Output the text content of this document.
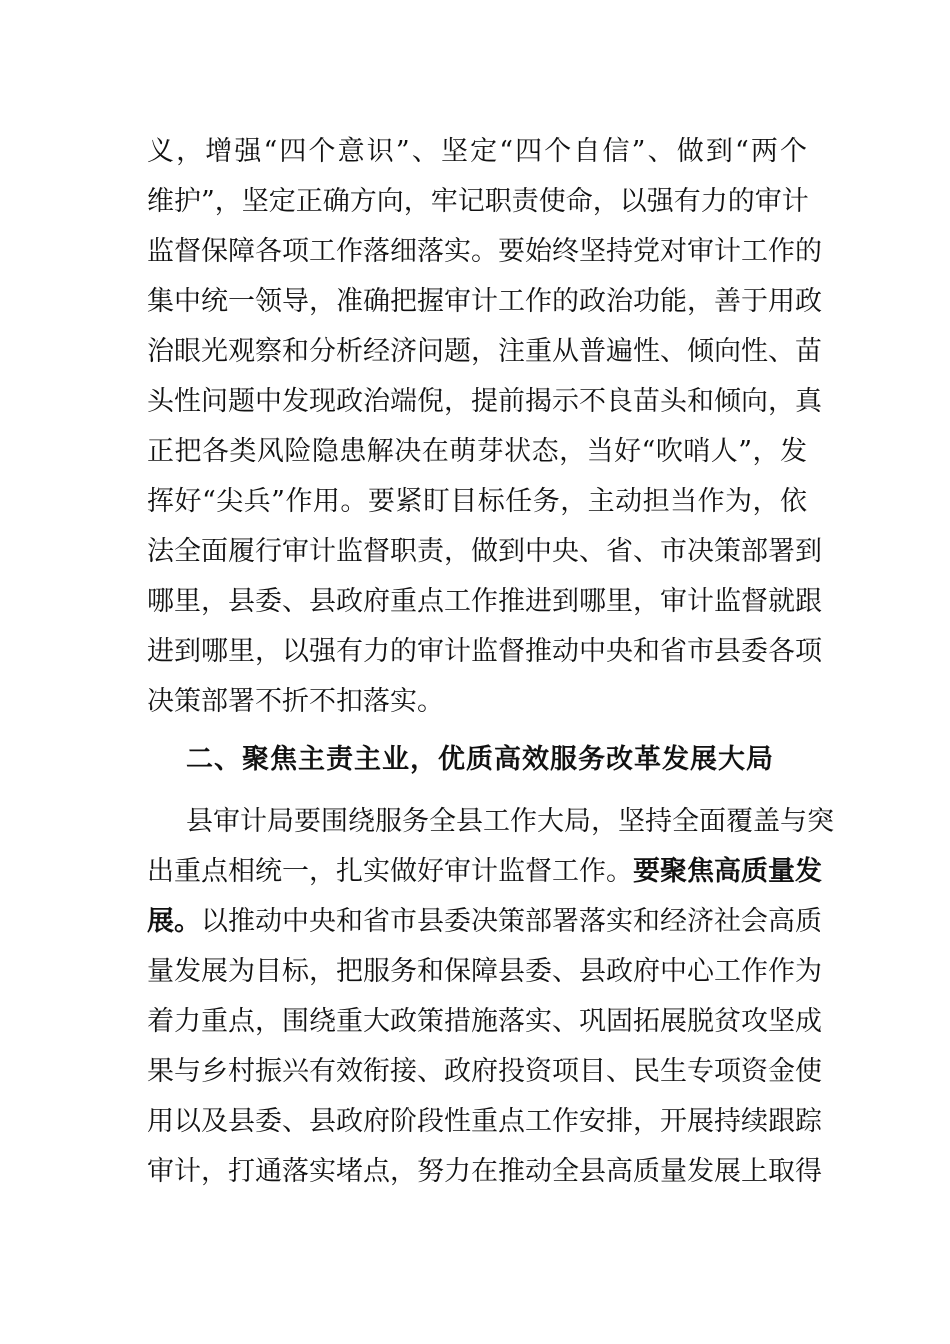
义，增强“四个意识”、坚定“四个自信”、做到“两个
维护”，坚定正确方向，牢记职责使命，以强有力的审计
监督保障各项工作落细落实。要始终坚持党对审计工作的
集中统一领导，准确把握审计工作的政治功能，善于用政
治眼光观察和分析经济问题，注重从普遍性、倾向性、苗
头性问题中发现政治端倪，提前揭示不良苗头和倾向，真
正把各类风险隐患解决在萌芽状态，当好“吹哨人”，发
挥好“尖兵”作用。要紧盯目标任务，主动担当作为，依
法全面履行审计监督职责，做到中央、省、市决策部署到
哪里，县委、县政府重点工作推进到哪里，审计监督就跟
进到哪里，以强有力的审计监督推动中央和省市县委各项
决策部署不折不扣落实。
二、聚焦主责主业，优质高效服务改革发展大局
县审计局要围绕服务全县工作大局，坚持全面覆盖与突
出重点相统一，扎实做好审计监督工作。要聚焦高质量发
展。以推动中央和省市县委决策部署落实和经济社会高质
量发展为目标，把服务和保障县委、县政府中心工作作为
着力重点，围绕重大政策措施落实、巩固拓展脱贫攻坚成
果与乡村振兴有效衔接、政府投资项目、民生专项资金使
用以及县委、县政府阶段性重点工作安排，开展持续跟踪
审计，打通落实堵点，努力在推动全县高质量发展上取得
